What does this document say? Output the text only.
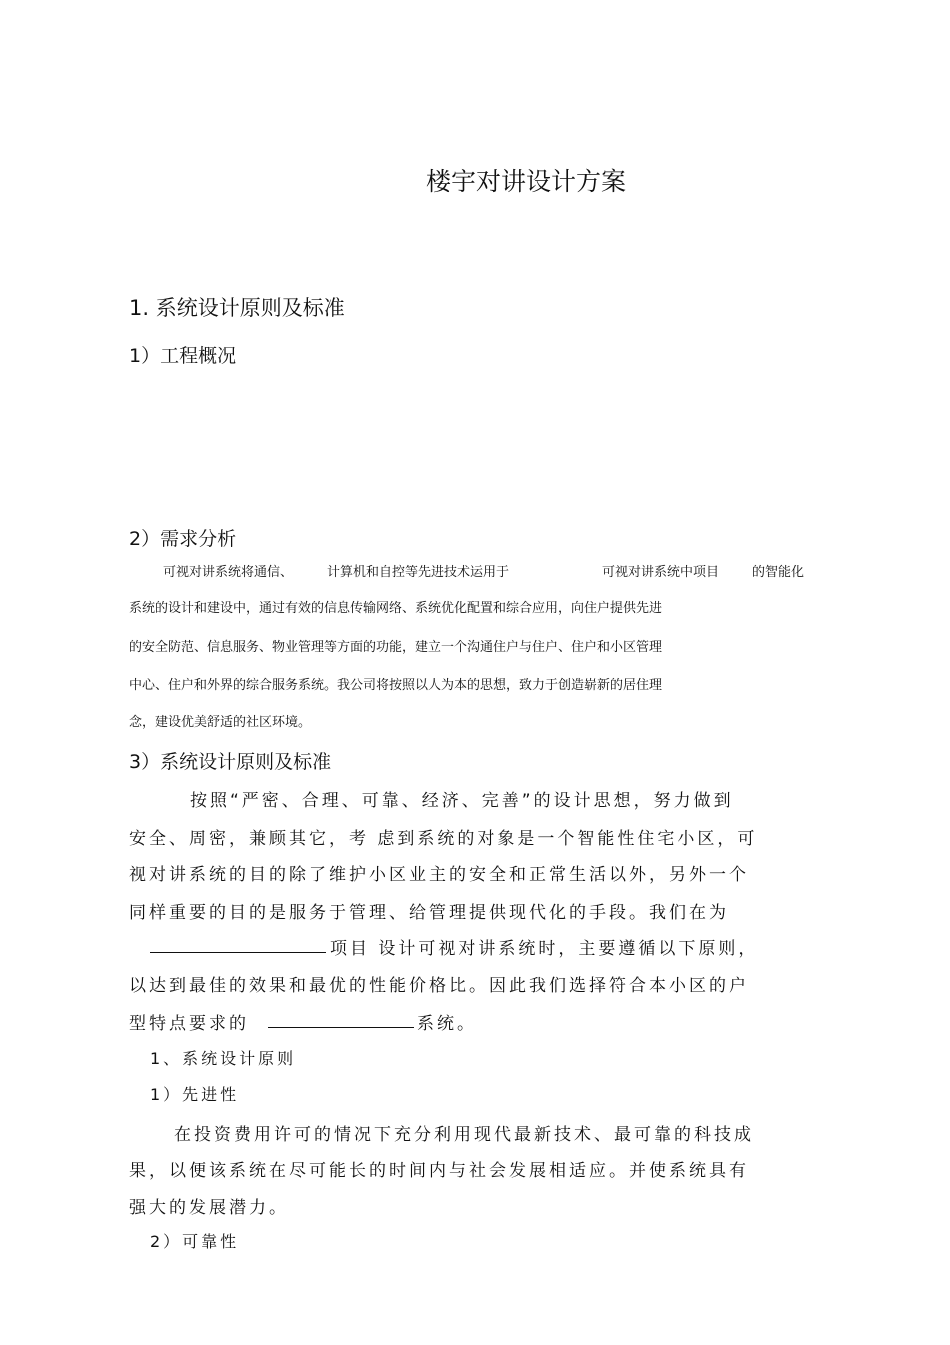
楼宇对讲设计方案
1. 系统设计原则及标准
1）工程概况
2）需求分析
可视对讲系统将通信、	计算机和自控等先进技术运用于	可视对讲系统中项目	的智能化
系统的设计和建设中，通过有效的信息传输网络、系统优化配置和综合应用，向住户提供先进
的安全防范、信息服务、物业管理等方面的功能，建立一个沟通住户与住户、住户和小区管理
中心、住户和外界的综合服务系统。我公司将按照以人为本的思想，致力于创造崭新的居住理
念，建设优美舒适的社区环境。
3）系统设计原则及标准
按照“严密、合理、可靠、经济、完善”的设计思想，努力做到
安全、周密，兼顾其它，考 虑到系统的对象是一个智能性住宅小区，可
视对讲系统的目的除了维护小区业主的安全和正常生活以外，另外一个
同样重要的目的是服务于管理、给管理提供现代化的手段。我们在为
项目 设计可视对讲系统时，主要遵循以下原则，
以达到最佳的效果和最优的性能价格比。因此我们选择符合本小区的户
型特点要求的	系统。
1、系统设计原则
1）先进性
在投资费用许可的情况下充分利用现代最新技术、最可靠的科技成
果，以便该系统在尽可能长的时间内与社会发展相适应。并使系统具有
强大的发展潜力。
2）可靠性
